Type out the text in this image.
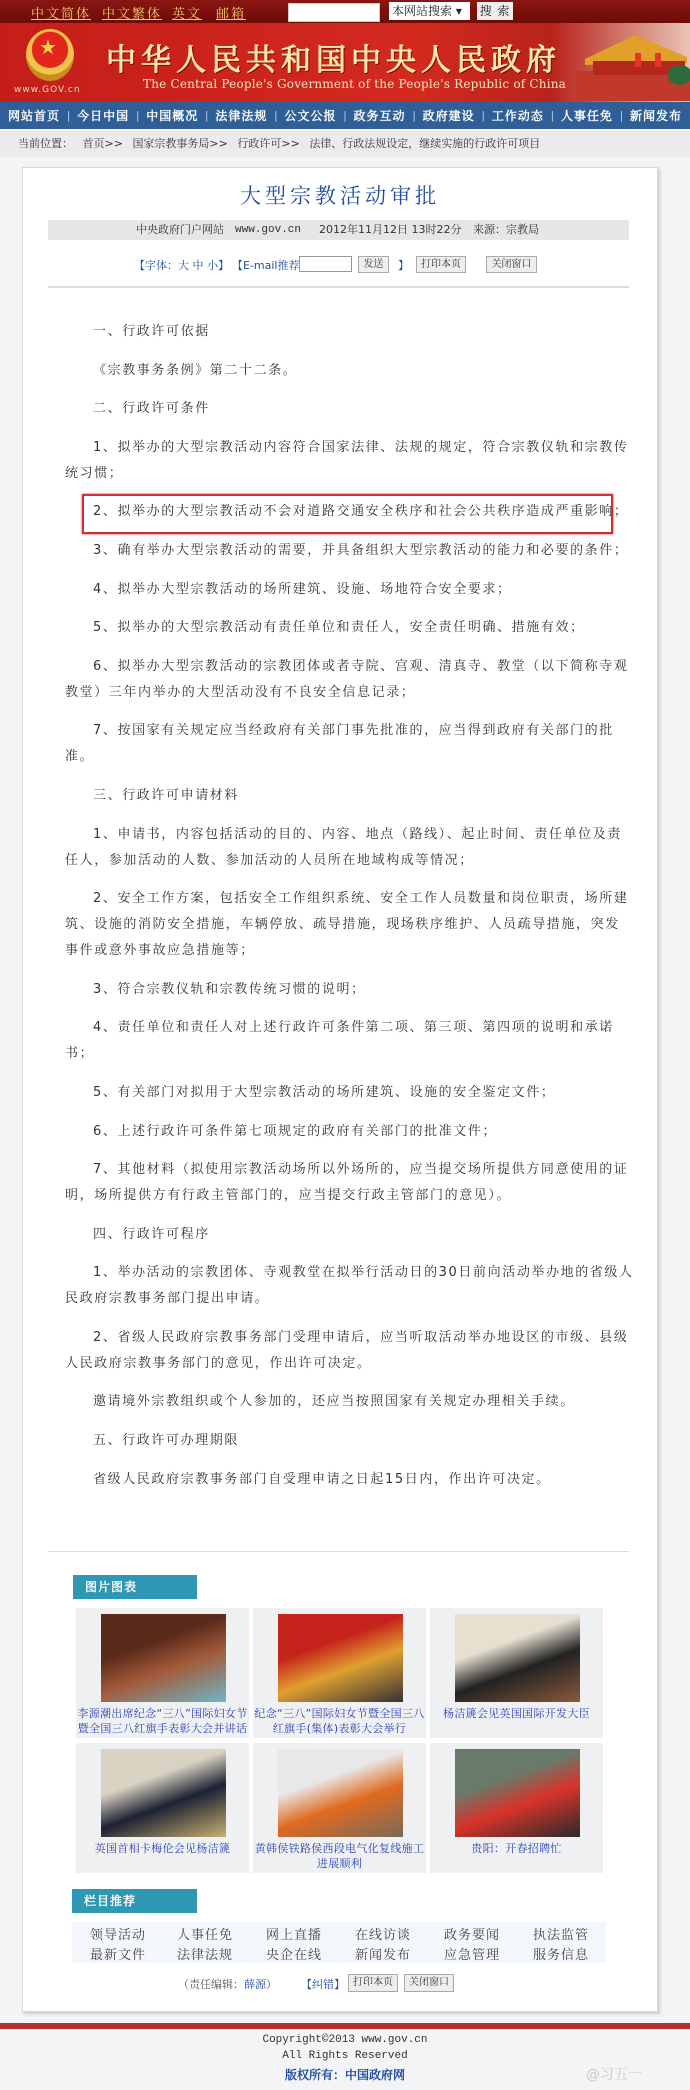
中文简体 中文繁体 英文 邮箱	本网站搜索 ▾	搜 索
★
www.GOV.cn
中华人民共和国中央人民政府
The Central People's Government of the People's Republic of China
网站首页 | 今日中国 | 中国概况 | 法律法规 | 公文公报 | 政务互动 | 政府建设 | 工作动态 | 人事任免 | 新闻发布
当前位置： 首页>> 国家宗教事务局>> 行政许可>> 法律、行政法规设定，继续实施的行政许可项目
大型宗教活动审批
中央政府门户网站 www.gov.cn 2012年11月12日 13时22分 来源：宗教局
【字体：大 中 小】 【E-mail推荐	发送	】	打印本页	关闭窗口

一、行政许可依据

《宗教事务条例》第二十二条。

二、行政许可条件

1、拟举办的大型宗教活动内容符合国家法律、法规的规定，符合宗教仪轨和宗教传
统习惯；

2、拟举办的大型宗教活动不会对道路交通安全秩序和社会公共秩序造成严重影响；

3、确有举办大型宗教活动的需要，并具备组织大型宗教活动的能力和必要的条件；

4、拟举办大型宗教活动的场所建筑、设施、场地符合安全要求；

5、拟举办的大型宗教活动有责任单位和责任人，安全责任明确、措施有效；

6、拟举办大型宗教活动的宗教团体或者寺院、宫观、清真寺、教堂（以下简称寺观
教堂）三年内举办的大型活动没有不良安全信息记录；

7、按国家有关规定应当经政府有关部门事先批准的，应当得到政府有关部门的批
准。

三、行政许可申请材料

1、申请书，内容包括活动的目的、内容、地点（路线）、起止时间、责任单位及责
任人，参加活动的人数、参加活动的人员所在地域构成等情况；

2、安全工作方案，包括安全工作组织系统、安全工作人员数量和岗位职责，场所建
筑、设施的消防安全措施，车辆停放、疏导措施，现场秩序维护、人员疏导措施，突发
事件或意外事故应急措施等；

3、符合宗教仪轨和宗教传统习惯的说明；

4、责任单位和责任人对上述行政许可条件第二项、第三项、第四项的说明和承诺
书；

5、有关部门对拟用于大型宗教活动的场所建筑、设施的安全鉴定文件；

6、上述行政许可条件第七项规定的政府有关部门的批准文件；

7、其他材料（拟使用宗教活动场所以外场所的，应当提交场所提供方同意使用的证
明，场所提供方有行政主管部门的，应当提交行政主管部门的意见）。

四、行政许可程序

1、举办活动的宗教团体、寺观教堂在拟举行活动日的30日前向活动举办地的省级人
民政府宗教事务部门提出申请。

2、省级人民政府宗教事务部门受理申请后，应当听取活动举办地设区的市级、县级
人民政府宗教事务部门的意见，作出许可决定。

邀请境外宗教组织或个人参加的，还应当按照国家有关规定办理相关手续。

五、行政许可办理期限

省级人民政府宗教事务部门自受理申请之日起15日内，作出许可决定。

图片图表
李源潮出席纪念“三八”国际妇女节暨全国三八红旗手表彰大会并讲话
纪念“三八”国际妇女节暨全国三八红旗手(集体)表彰大会举行
杨洁篪会见英国国际开发大臣
英国首相卡梅伦会见杨洁篪	黄韩侯铁路侯西段电气化复线施工进展顺利
贵阳：开春招聘忙
栏目推荐
领导活动 人事任免	网上直播	在线访谈	政务要闻	执法监管
最新文件 法律法规	央企在线	新闻发布	应急管理	服务信息
（责任编辑：薛源） 【纠错】 打印本页	关闭窗口
Copyright©2013 www.gov.cn
All Rights Reserved
版权所有：中国政府网	@习五一
